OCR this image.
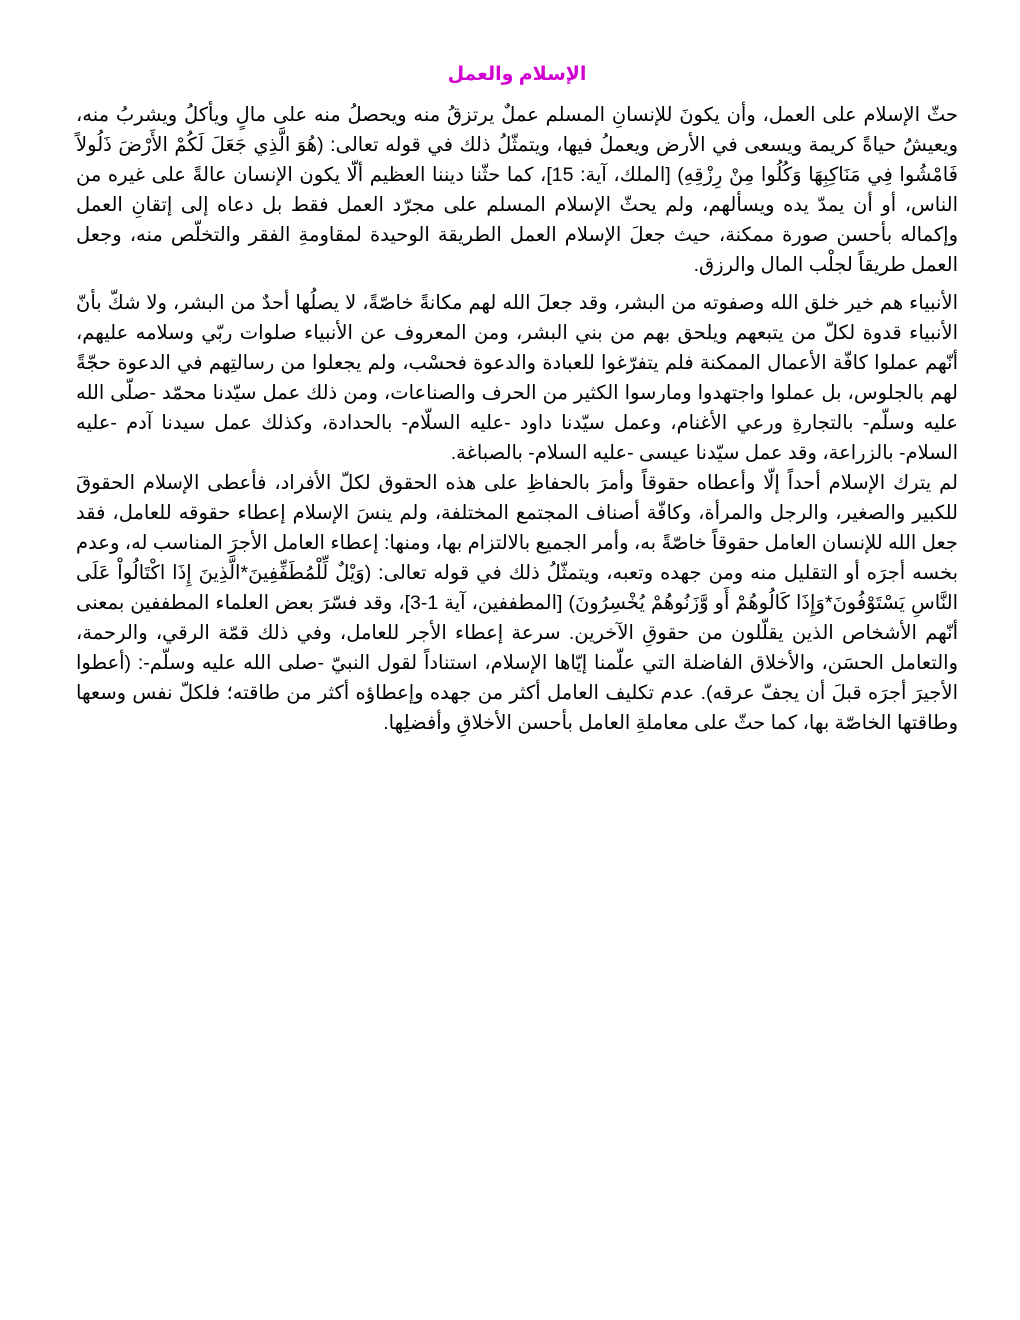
الإسلام والعمل

حثّ الإسلام على العمل، وأن يكونَ للإنسانِ المسلم عملٌ يرتزقُ منه ويحصلُ منه على مالٍ ويأكلُ ويشربُ منه، ويعيشُ حياةً كريمة ويسعى في الأرض ويعملُ فيها، ويتمثّلُ ذلك في قوله تعالى: (هُوَ الَّذِي جَعَلَ لَكُمْ الأَرْضَ ذَلُولاً فَامْشُوا فِي مَنَاكِبِهَا وَكُلُوا مِنْ رِزْقِهِ) [الملك، آية: 15]، كما حثّنا ديننا العظيم ألّا يكون الإنسان عالةً على غيره من الناس، أو أن يمدّ يده ويسألهم، ولم يحثّ الإسلام المسلم على مجرّد العمل فقط بل دعاه إلى إتقانِ العمل وإكماله بأحسن صورة ممكنة، حيث جعلَ الإسلام العمل الطريقة الوحيدة لمقاومةِ الفقر والتخلّص منه، وجعل العمل طريقاً لجلْب المال والرزق.

الأنبياء هم خير خلق الله وصفوته من البشر، وقد جعلَ الله لهم مكانةً خاصّةً، لا يصلُها أحدٌ من البشر، ولا شكّ بأنّ الأنبياء قدوة لكلّ من يتبعهم ويلحق بهم من بني البشر، ومن المعروف عن الأنبياء صلوات ربّي وسلامه عليهم، أنّهم عملوا كافّة الأعمال الممكنة فلم يتفرّغوا للعبادة والدعوة فحسْب، ولم يجعلوا من رسالتِهم في الدعوة حجّةً لهم بالجلوس، بل عملوا واجتهدوا ومارسوا الكثير من الحرف والصناعات، ومن ذلك عمل سيّدنا محمّد -صلّى الله عليه وسلّم- بالتجارةِ ورعي الأغنام، وعمل سيّدنا داود -عليه السلّام- بالحدادة، وكذلك عمل سيدنا آدم -عليه السلام- بالزراعة، وقد عمل سيّدنا عيسى -عليه السلام- بالصباغة.

لم يترك الإسلام أحداً إلّا وأعطاه حقوقاً وأمرَ بالحفاظِ على هذه الحقوق لكلّ الأفراد، فأعطى الإسلام الحقوقَ للكبير والصغير، والرجل والمرأة، وكافّة أصناف المجتمع المختلفة، ولم ينسَ الإسلام إعطاء حقوقه للعامل، فقد جعل الله للإنسان العامل حقوقاً خاصّةً به، وأمر الجميع بالالتزام بها، ومنها: إعطاء العامل الأجرَ المناسب له، وعدم بخسه أجرَه أو التقليل منه ومن جهده وتعبه، ويتمثّلُ ذلك في قوله تعالى: (وَيْلٌ لِّلْمُطَفِّفِينَ*الَّذِينَ إِذَا اكْتَالُواْ عَلَى النَّاسِ يَسْتَوْفُونَ*وَإِذَا كَالُوهُمْ أَو وَّزَنُوهُمْ يُخْسِرُونَ) [المطففين، آية 1-3]، وقد فسّرَ بعض العلماء المطففين بمعنى أنّهم الأشخاص الذين يقلّلون من حقوقِ الآخرين. سرعة إعطاء الأجر للعامل، وفي ذلك قمّة الرقي، والرحمة، والتعامل الحسَن، والأخلاق الفاضلة التي علّمنا إيّاها الإسلام، استناداً لقول النبيّ -صلى الله عليه وسلّم-: (أعطوا الأجيرَ أجرَه قبلَ أن يجفّ عرقه). عدم تكليف العامل أكثر من جهده وإعطاؤه أكثر من طاقته؛ فلكلّ نفس وسعها وطاقتها الخاصّة بها، كما حثّ على معاملةِ العامل بأحسن الأخلاقِ وأفضلِها.
